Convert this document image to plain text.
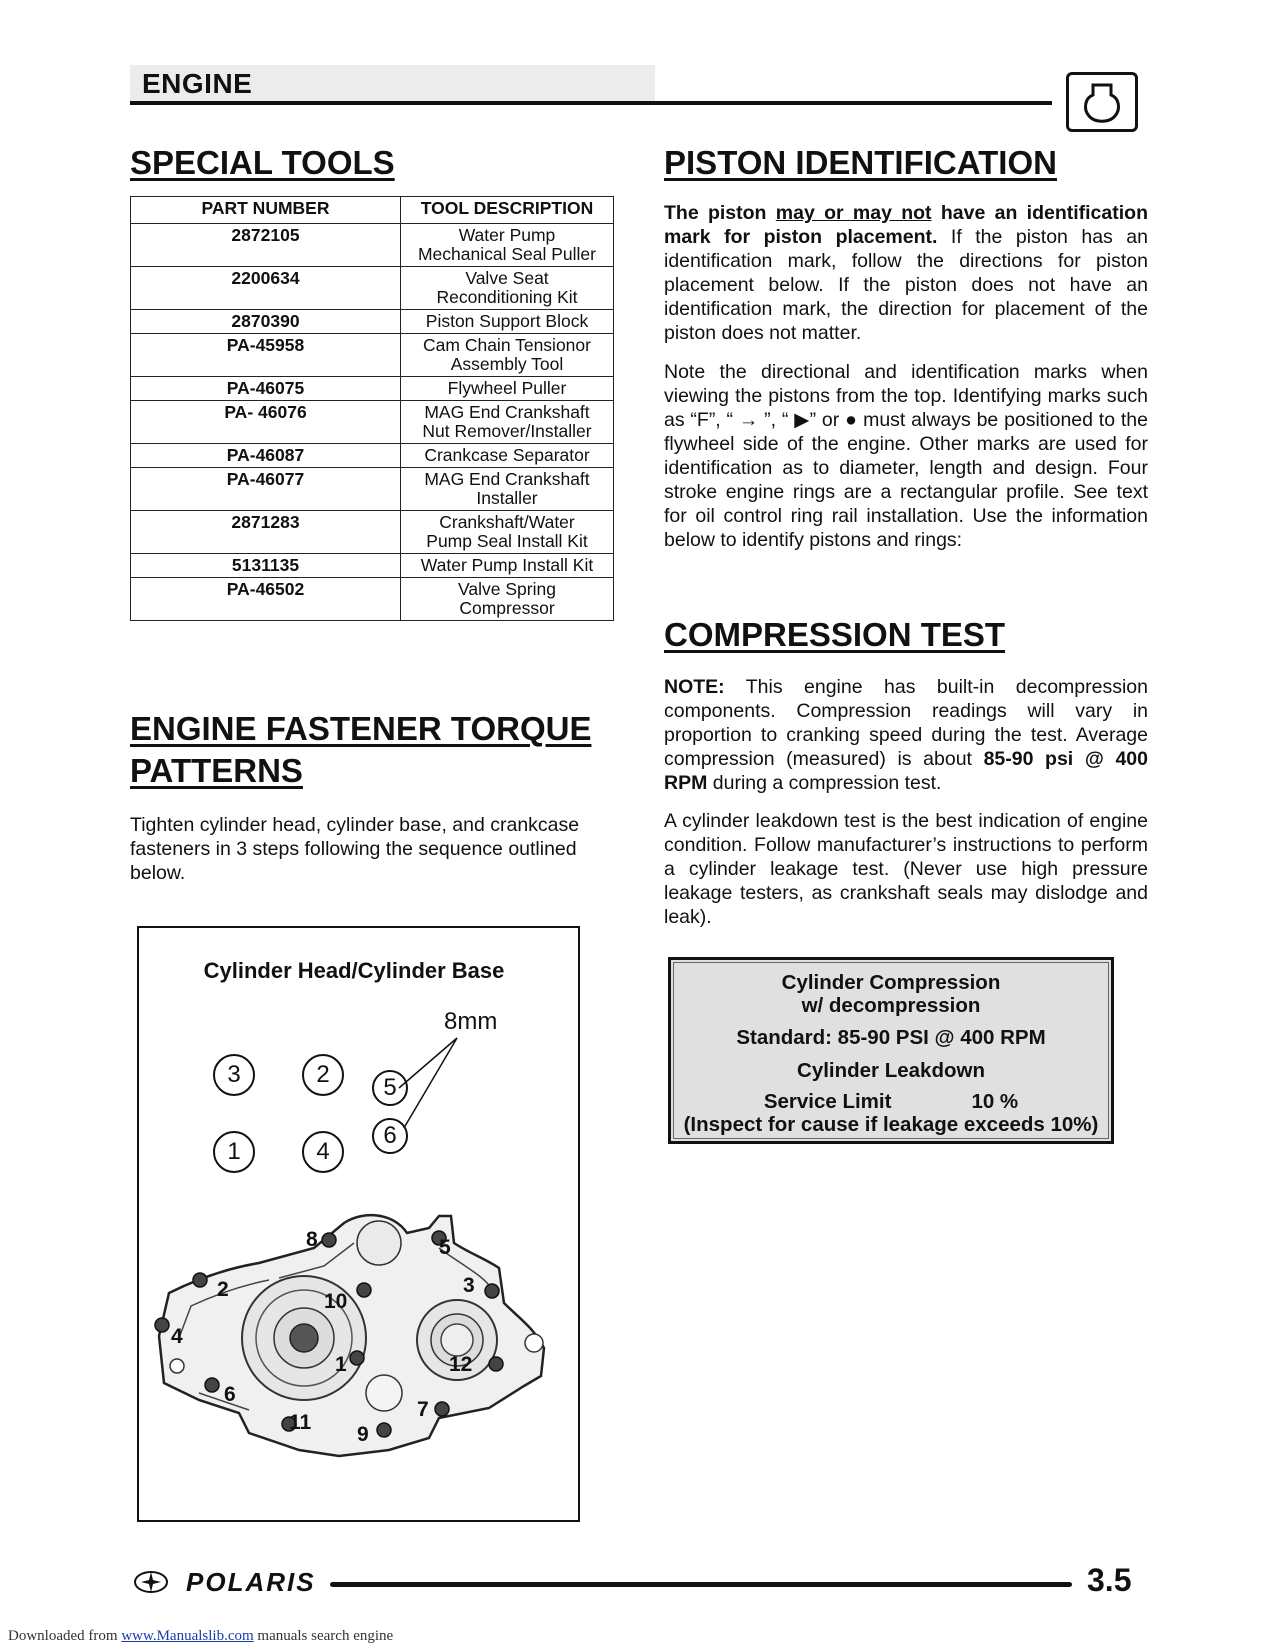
ENGINE
SPECIAL TOOLS
PART NUMBER	TOOL DESCRIPTION
2872105	Water Pump
Mechanical Seal Puller
2200634	Valve Seat
Reconditioning Kit
2870390	Piston Support Block
PA-45958	Cam Chain Tensionor
Assembly Tool
PA-46075	Flywheel Puller
PA- 46076	MAG End Crankshaft
Nut Remover/Installer
PA-46087	Crankcase Separator
PA-46077	MAG End Crankshaft
Installer
2871283	Crankshaft/Water
Pump Seal Install Kit
5131135	Water Pump Install Kit
PA-46502	Valve Spring
Compressor
ENGINE FASTENER TORQUE
PATTERNS

Tighten cylinder head, cylinder base, and crankcase fasteners in 3 steps following the sequence outlined below.

Cylinder Head/Cylinder Base
8mm
3	2	5
1	4
6
8	5
2
10
3
4
1	12
6
7
11
9
PISTON IDENTIFICATION

The piston may or may not have an identification mark for piston placement. If the piston has an identification mark, follow the directions for piston placement below. If the piston does not have an identification mark, the direction for placement of the piston does not matter.

Note the directional and identification marks when viewing the pistons from the top. Identifying marks such as “F”, “ → ”, “ ▶” or ● must always be positioned to the flywheel side of the engine. Other marks are used for identification as to diameter, length and design. Four stroke engine rings are a rectangular profile. See text for oil control ring rail installation. Use the information below to identify pistons and rings:

COMPRESSION TEST

NOTE: This engine has built-in decompression components. Compression readings will vary in proportion to cranking speed during the test. Average compression (measured) is about 85-90 psi @ 400 RPM during a compression test.

A cylinder leakdown test is the best indication of engine condition. Follow manufacturer’s instructions to perform a cylinder leakage test. (Never use high pressure leakage testers, as crankshaft seals may dislodge and leak).

Cylinder Compression
w/ decompression
Standard: 85-90 PSI @ 400 RPM
Cylinder Leakdown
Service Limit	10 %
(Inspect for cause if leakage exceeds 10%)
POLARIS	3.5
Downloaded from www.Manualslib.com manuals search engine
